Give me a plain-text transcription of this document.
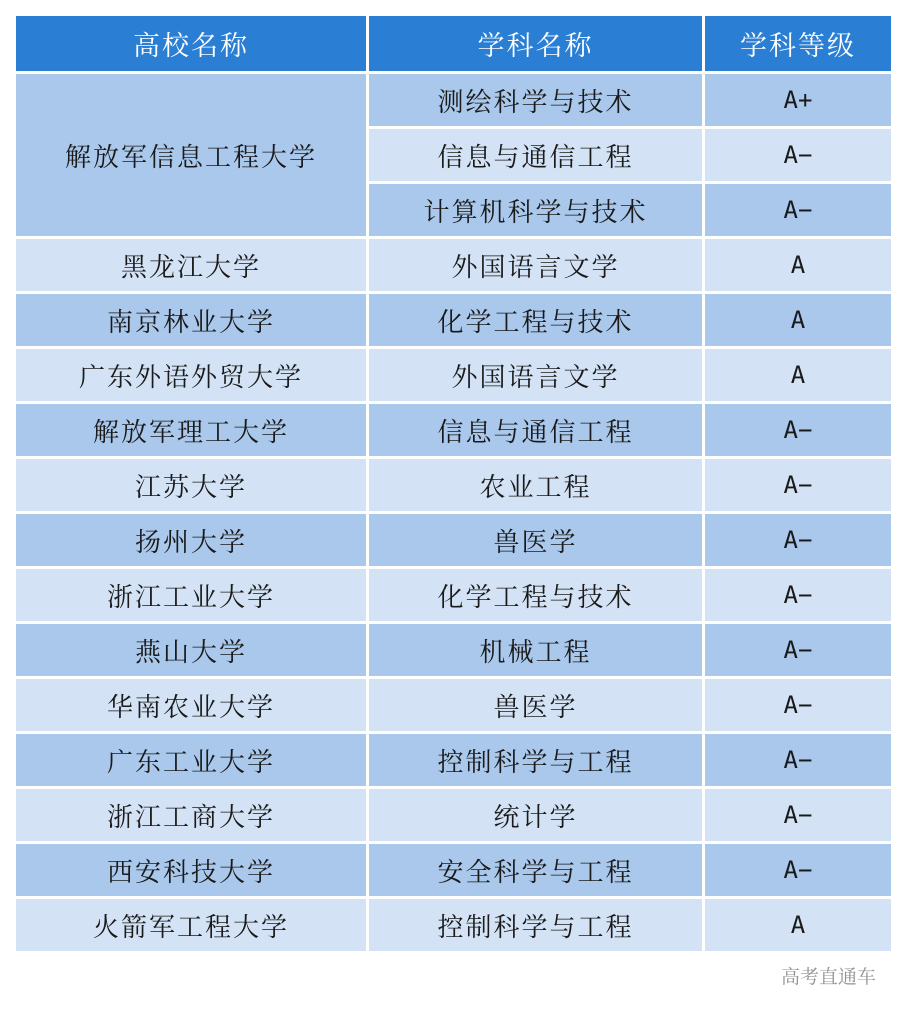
高校名称	学科名称	学科等级
解放军信息工程大学	测绘科学与技术	A+
	信息与通信工程	A−
	计算机科学与技术	A−
黑龙江大学	外国语言文学	A
南京林业大学	化学工程与技术	A
广东外语外贸大学	外国语言文学	A
解放军理工大学	信息与通信工程	A−
江苏大学	农业工程	A−
扬州大学	兽医学	A−
浙江工业大学	化学工程与技术	A−
燕山大学	机械工程	A−
华南农业大学	兽医学	A−
广东工业大学	控制科学与工程	A−
浙江工商大学	统计学	A−
西安科技大学	安全科学与工程	A−
火箭军工程大学	控制科学与工程	A
高考直通车
